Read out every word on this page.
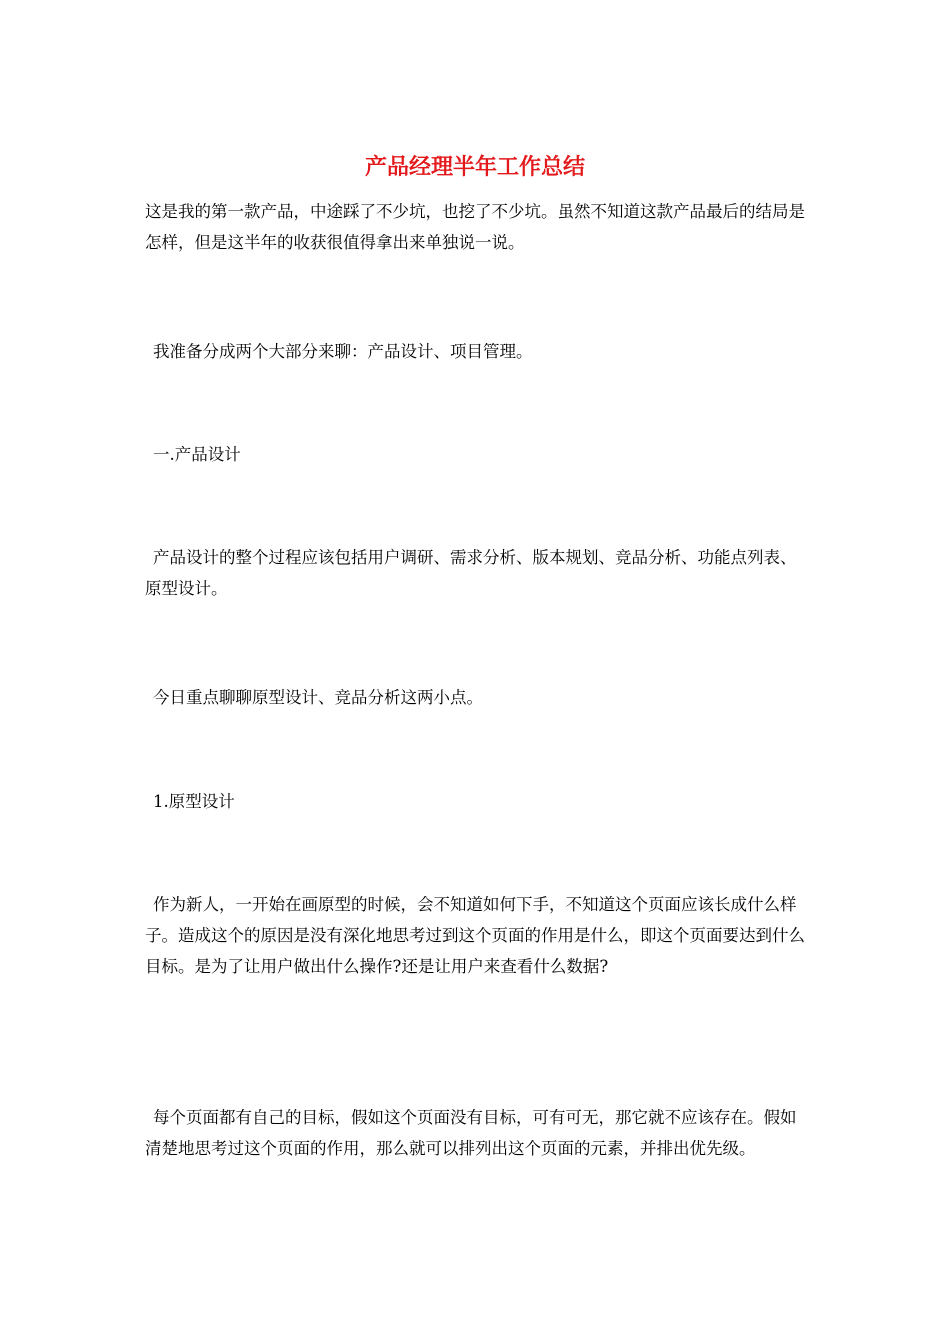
产品经理半年工作总结

这是我的第一款产品，中途踩了不少坑，也挖了不少坑。虽然不知道这款产品最后的结局是怎样，但是这半年的收获很值得拿出来单独说一说。

我准备分成两个大部分来聊：产品设计、项目管理。

一.产品设计

产品设计的整个过程应该包括用户调研、需求分析、版本规划、竞品分析、功能点列表、原型设计。

今日重点聊聊原型设计、竞品分析这两小点。

1.原型设计

作为新人，一开始在画原型的时候，会不知道如何下手，不知道这个页面应该长成什么样子。造成这个的原因是没有深化地思考过到这个页面的作用是什么，即这个页面要达到什么目标。是为了让用户做出什么操作?还是让用户来查看什么数据?

每个页面都有自己的目标，假如这个页面没有目标，可有可无，那它就不应该存在。假如清楚地思考过这个页面的作用，那么就可以排列出这个页面的元素，并排出优先级。
